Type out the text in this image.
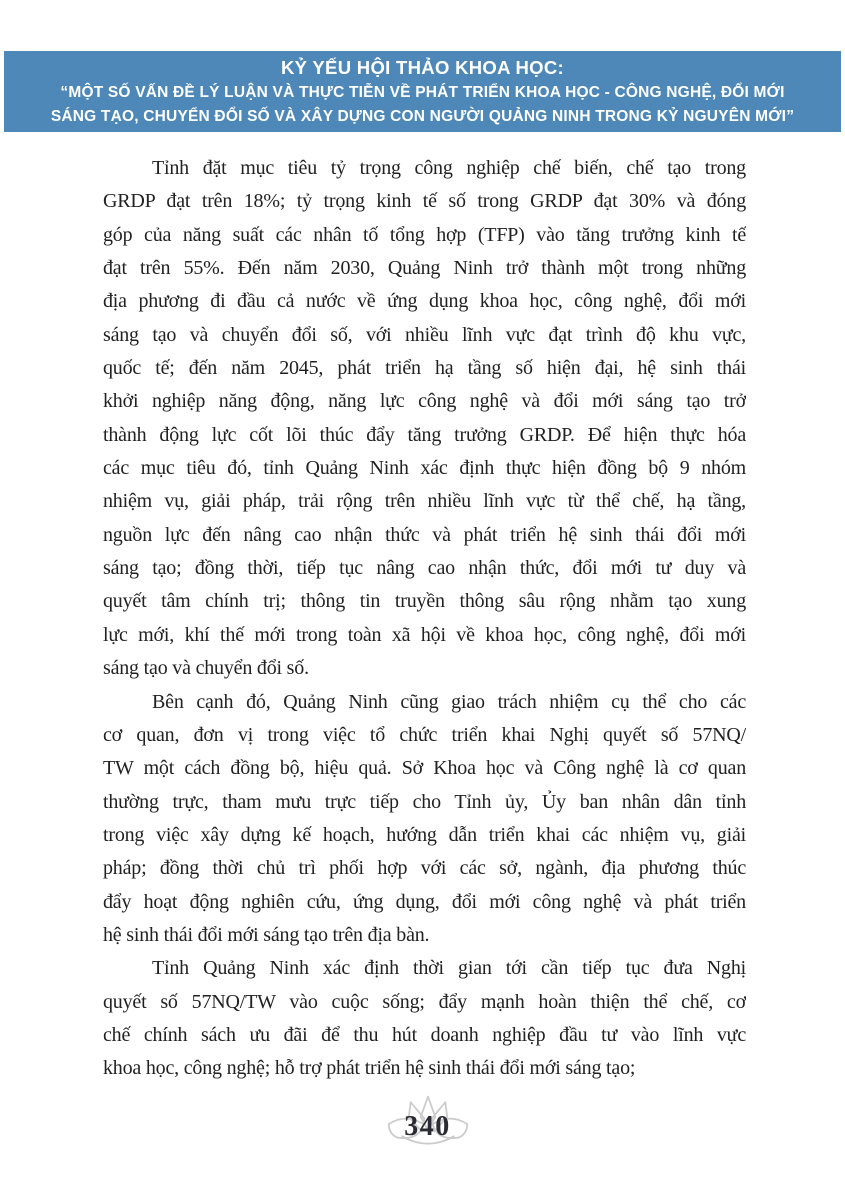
KỶ YẾU HỘI THẢO KHOA HỌC:
“MỘT SỐ VẤN ĐỀ LÝ LUẬN VÀ THỰC TIỄN VỀ PHÁT TRIỂN KHOA HỌC - CÔNG NGHỆ, ĐỔI MỚI
SÁNG TẠO, CHUYỂN ĐỔI SỐ VÀ XÂY DỰNG CON NGƯỜI QUẢNG NINH TRONG KỶ NGUYÊN MỚI”
Tỉnh đặt mục tiêu tỷ trọng công nghiệp chế biến, chế tạo trong
GRDP đạt trên 18%; tỷ trọng kinh tế số trong GRDP đạt 30% và đóng
góp của năng suất các nhân tố tổng hợp (TFP) vào tăng trưởng kinh tế
đạt trên 55%. Đến năm 2030, Quảng Ninh trở thành một trong những
địa phương đi đầu cả nước về ứng dụng khoa học, công nghệ, đổi mới
sáng tạo và chuyển đổi số, với nhiều lĩnh vực đạt trình độ khu vực,
quốc tế; đến năm 2045, phát triển hạ tầng số hiện đại, hệ sinh thái
khởi nghiệp năng động, năng lực công nghệ và đổi mới sáng tạo trở
thành động lực cốt lõi thúc đẩy tăng trưởng GRDP. Để hiện thực hóa
các mục tiêu đó, tỉnh Quảng Ninh xác định thực hiện đồng bộ 9 nhóm
nhiệm vụ, giải pháp, trải rộng trên nhiều lĩnh vực từ thể chế, hạ tầng,
nguồn lực đến nâng cao nhận thức và phát triển hệ sinh thái đổi mới
sáng tạo; đồng thời, tiếp tục nâng cao nhận thức, đổi mới tư duy và
quyết tâm chính trị; thông tin truyền thông sâu rộng nhằm tạo xung
lực mới, khí thế mới trong toàn xã hội về khoa học, công nghệ, đổi mới
sáng tạo và chuyển đổi số.
Bên cạnh đó, Quảng Ninh cũng giao trách nhiệm cụ thể cho các
cơ quan, đơn vị trong việc tổ chức triển khai Nghị quyết số 57NQ/
TW một cách đồng bộ, hiệu quả. Sở Khoa học và Công nghệ là cơ quan
thường trực, tham mưu trực tiếp cho Tỉnh ủy, Ủy ban nhân dân tỉnh
trong việc xây dựng kế hoạch, hướng dẫn triển khai các nhiệm vụ, giải
pháp; đồng thời chủ trì phối hợp với các sở, ngành, địa phương thúc
đẩy hoạt động nghiên cứu, ứng dụng, đổi mới công nghệ và phát triển
hệ sinh thái đổi mới sáng tạo trên địa bàn.
Tỉnh Quảng Ninh xác định thời gian tới cần tiếp tục đưa Nghị
quyết số 57NQ/TW vào cuộc sống; đẩy mạnh hoàn thiện thể chế, cơ
chế chính sách ưu đãi để thu hút doanh nghiệp đầu tư vào lĩnh vực
khoa học, công nghệ; hỗ trợ phát triển hệ sinh thái đổi mới sáng tạo;
340
